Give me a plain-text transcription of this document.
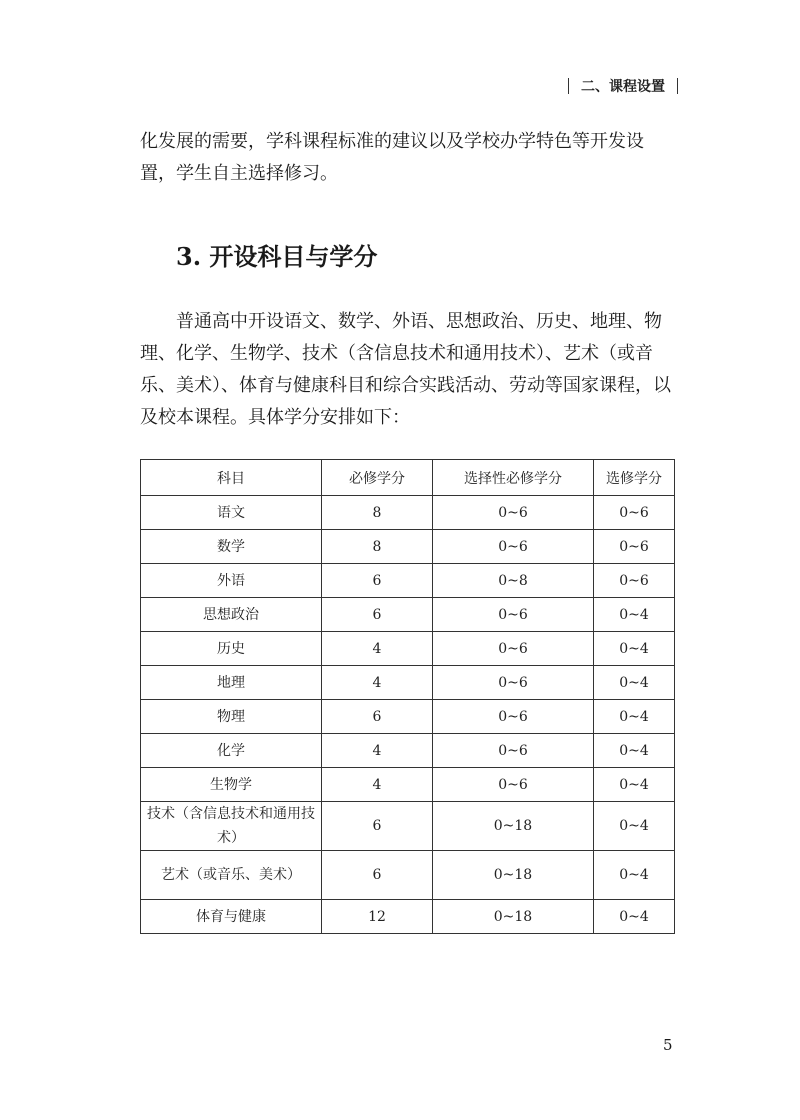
二、课程设置

化发展的需要，学科课程标准的建议以及学校办学特色等开发设置，学生自主选择修习。

3. 开设科目与学分

普通高中开设语文、数学、外语、思想政治、历史、地理、物理、化学、生物学、技术（含信息技术和通用技术）、艺术（或音乐、美术）、体育与健康科目和综合实践活动、劳动等国家课程，以及校本课程。具体学分安排如下：

科目	必修学分	选择性必修学分	选修学分
语文	8	0~6	0~6
数学	8	0~6	0~6
外语	6	0~8	0~6
思想政治	6	0~6	0~4
历史	4	0~6	0~4
地理	4	0~6	0~4
物理	6	0~6	0~4
化学	4	0~6	0~4
生物学	4	0~6	0~4
技术（含信息技术和通用技术）	6	0~18	0~4
艺术（或音乐、美术）	6	0~18	0~4
体育与健康	12	0~18	0~4
5
